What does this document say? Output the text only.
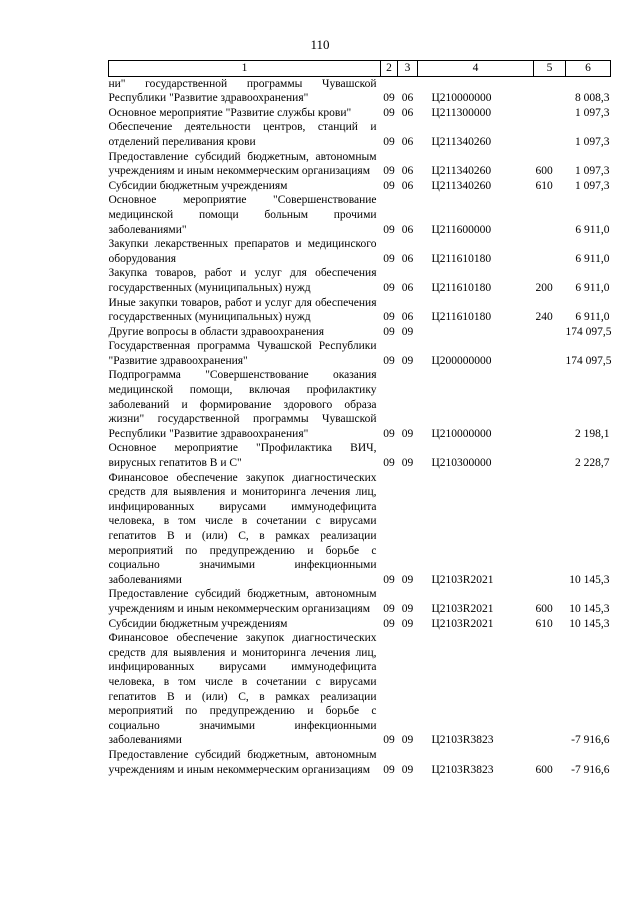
110
1	2	3	4	5	6
ни" государственной программы Чувашской Республики "Развитие здравоохранения"	09	06	Ц210000000		8 008,3
Основное мероприятие "Развитие службы крови"	09	06	Ц211300000		1 097,3
Обеспечение деятельности центров, станций и отделений переливания крови	09	06	Ц211340260		1 097,3
Предоставление субсидий бюджетным, автономным учреждениям и иным некоммерческим организациям	09	06	Ц211340260	600	1 097,3
Субсидии бюджетным учреждениям	09	06	Ц211340260	610	1 097,3
Основное мероприятие "Совершенствование медицинской помощи больным прочими заболеваниями"	09	06	Ц211600000		6 911,0
Закупки лекарственных препаратов и медицинского оборудования	09	06	Ц211610180		6 911,0
Закупка товаров, работ и услуг для обеспечения государственных (муниципальных) нужд	09	06	Ц211610180	200	6 911,0
Иные закупки товаров, работ и услуг для обеспечения государственных (муниципальных) нужд	09	06	Ц211610180	240	6 911,0
Другие вопросы в области здравоохранения	09	09			174 097,5
Государственная программа Чувашской Республики "Развитие здравоохранения"	09	09	Ц200000000		174 097,5
Подпрограмма "Совершенствование оказания медицинской помощи, включая профилактику заболеваний и формирование здорового образа жизни" государственной программы Чувашской Республики "Развитие здравоохранения"	09	09	Ц210000000		2 198,1
Основное мероприятие "Профилактика ВИЧ, вирусных гепатитов В и С"	09	09	Ц210300000		2 228,7
Финансовое обеспечение закупок диагностических средств для выявления и мониторинга лечения лиц, инфицированных вирусами иммунодефицита человека, в том числе в сочетании с вирусами гепатитов В и (или) С, в рамках реализации мероприятий по предупреждению и борьбе с социально значимыми инфекционными заболеваниями	09	09	Ц2103R2021		10 145,3
Предоставление субсидий бюджетным, автономным учреждениям и иным некоммерческим организациям	09	09	Ц2103R2021	600	10 145,3
Субсидии бюджетным учреждениям	09	09	Ц2103R2021	610	10 145,3
Финансовое обеспечение закупок диагностических средств для выявления и мониторинга лечения лиц, инфицированных вирусами иммунодефицита человека, в том числе в сочетании с вирусами гепатитов В и (или) С, в рамках реализации мероприятий по предупреждению и борьбе с социально значимыми инфекционными заболеваниями	09	09	Ц2103R3823		-7 916,6
Предоставление субсидий бюджетным, автономным учреждениям и иным некоммерческим организациям	09	09	Ц2103R3823	600	-7 916,6
